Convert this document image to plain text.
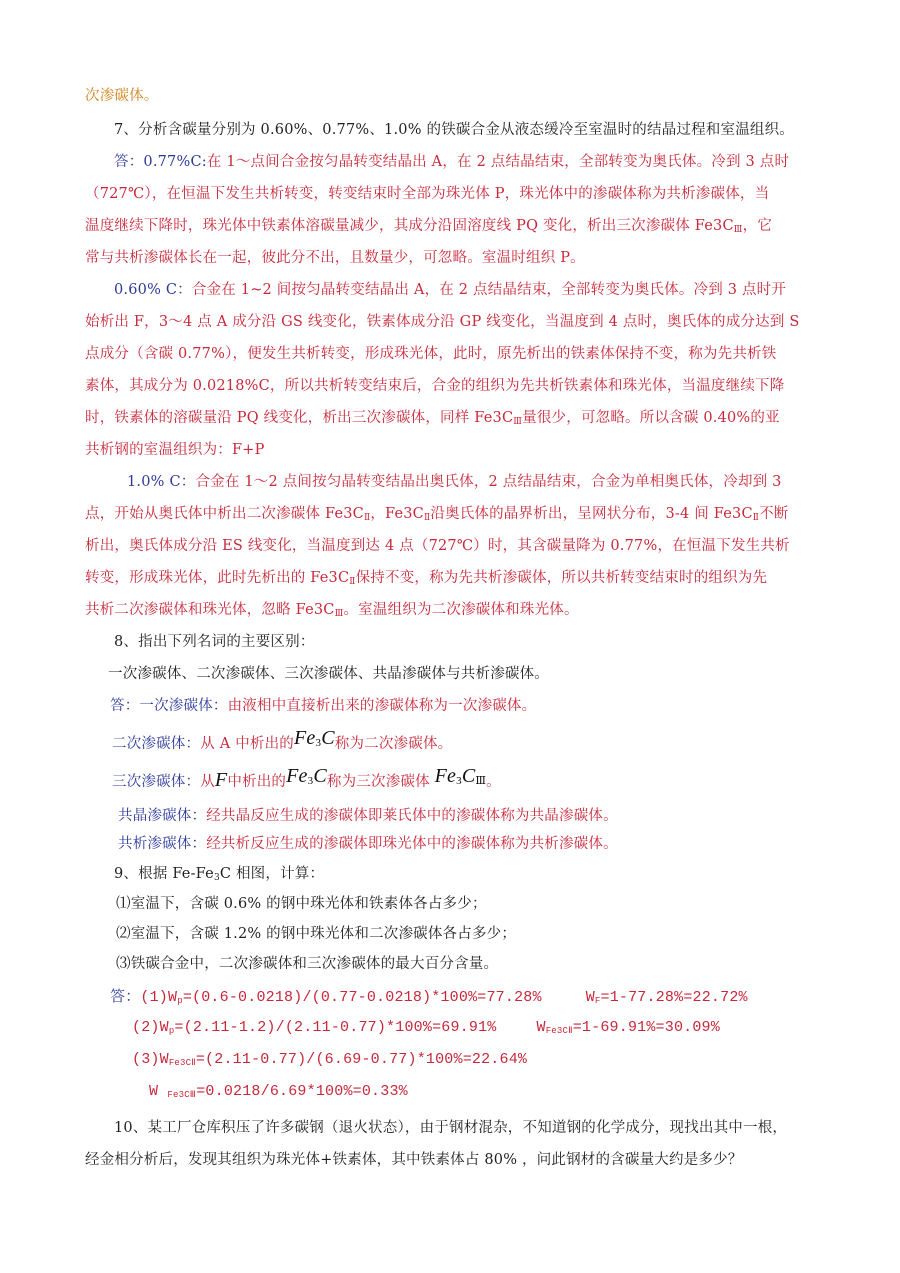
次渗碳体。
7、分析含碳量分别为 0.60%、0.77%、1.0% 的铁碳合金从液态缓冷至室温时的结晶过程和室温组织。
答：0.77%C:在 1～点间合金按匀晶转变结晶出 A，在 2 点结晶结束，全部转变为奥氏体。冷到 3 点时
（727℃），在恒温下发生共析转变，转变结束时全部为珠光体 P，珠光体中的渗碳体称为共析渗碳体，当
温度继续下降时，珠光体中铁素体溶碳量减少，其成分沿固溶度线 PQ 变化，析出三次渗碳体 $Fe3C_Ⅲ$，它
常与共析渗碳体长在一起，彼此分不出，且数量少，可忽略。室温时组织 P。
0.60% C：合金在 1~2 间按匀晶转变结晶出 A，在 2 点结晶结束，全部转变为奥氏体。冷到 3 点时开
始析出 F，3～4 点 A 成分沿 GS 线变化，铁素体成分沿 GP 线变化，当温度到 4 点时，奥氏体的成分达到 S
点成分（含碳 0.77%），便发生共析转变，形成珠光体，此时，原先析出的铁素体保持不变，称为先共析铁
素体，其成分为 0.0218%C，所以共析转变结束后，合金的组织为先共析铁素体和珠光体，当温度继续下降
时，铁素体的溶碳量沿 PQ 线变化，析出三次渗碳体，同样 $Fe3C_Ⅲ$量很少，可忽略。所以含碳 0.40%的亚
共析钢的室温组织为：F+P
1.0% C：合金在 1～2 点间按匀晶转变结晶出奥氏体，2 点结晶结束，合金为单相奥氏体，冷却到 3
点，开始从奥氏体中析出二次渗碳体 $Fe3C_Ⅱ$，$Fe3C_Ⅱ$沿奥氏体的晶界析出，呈网状分布，3-4 间 $Fe3C_Ⅱ$不断
析出，奥氏体成分沿 ES 线变化，当温度到达 4 点（727℃）时，其含碳量降为 0.77%，在恒温下发生共析
转变，形成珠光体，此时先析出的 $Fe3C_Ⅱ$保持不变，称为先共析渗碳体，所以共析转变结束时的组织为先
共析二次渗碳体和珠光体，忽略 $Fe3C_Ⅲ$。室温组织为二次渗碳体和珠光体。
8、指出下列名词的主要区别：
一次渗碳体、二次渗碳体、三次渗碳体、共晶渗碳体与共析渗碳体。
答：一次渗碳体：由液相中直接析出来的渗碳体称为一次渗碳体。
二次渗碳体：从 A 中析出的$Fe_3C$称为二次渗碳体。
三次渗碳体：从F中析出的$Fe_3C$称为三次渗碳体 $Fe_3C_Ⅲ$。
共晶渗碳体：经共晶反应生成的渗碳体即莱氏体中的渗碳体称为共晶渗碳体。
共析渗碳体：经共析反应生成的渗碳体即珠光体中的渗碳体称为共析渗碳体。
9、根据 $Fe-Fe_3C$ 相图，计算：
⑴室温下，含碳 0.6% 的钢中珠光体和铁素体各占多少；
⑵室温下，含碳 1.2% 的钢中珠光体和二次渗碳体各占多少；
⑶铁碳合金中，二次渗碳体和三次渗碳体的最大百分含量。
答：$(1)W_p=(0.6-0.0218)/(0.77-0.0218)*100\%=77.28\%$	$W_F=1-77.28\%=22.72\%$
$(2)W_p=(2.11-1.2)/(2.11-0.77)*100\%=69.91\%$	$W_{Fe3CⅡ}=1-69.91\%=30.09\%$
$(3)W_{Fe3CⅡ}=(2.11-0.77)/(6.69-0.77)*100\%=22.64\%$
W $_{Fe3CⅢ}$=0.0218/6.69*100%=0.33%
10、某工厂仓库积压了许多碳钢（退火状态），由于钢材混杂，不知道钢的化学成分，现找出其中一根，
经金相分析后，发现其组织为珠光体+铁素体，其中铁素体占 80% ，问此钢材的含碳量大约是多少？
